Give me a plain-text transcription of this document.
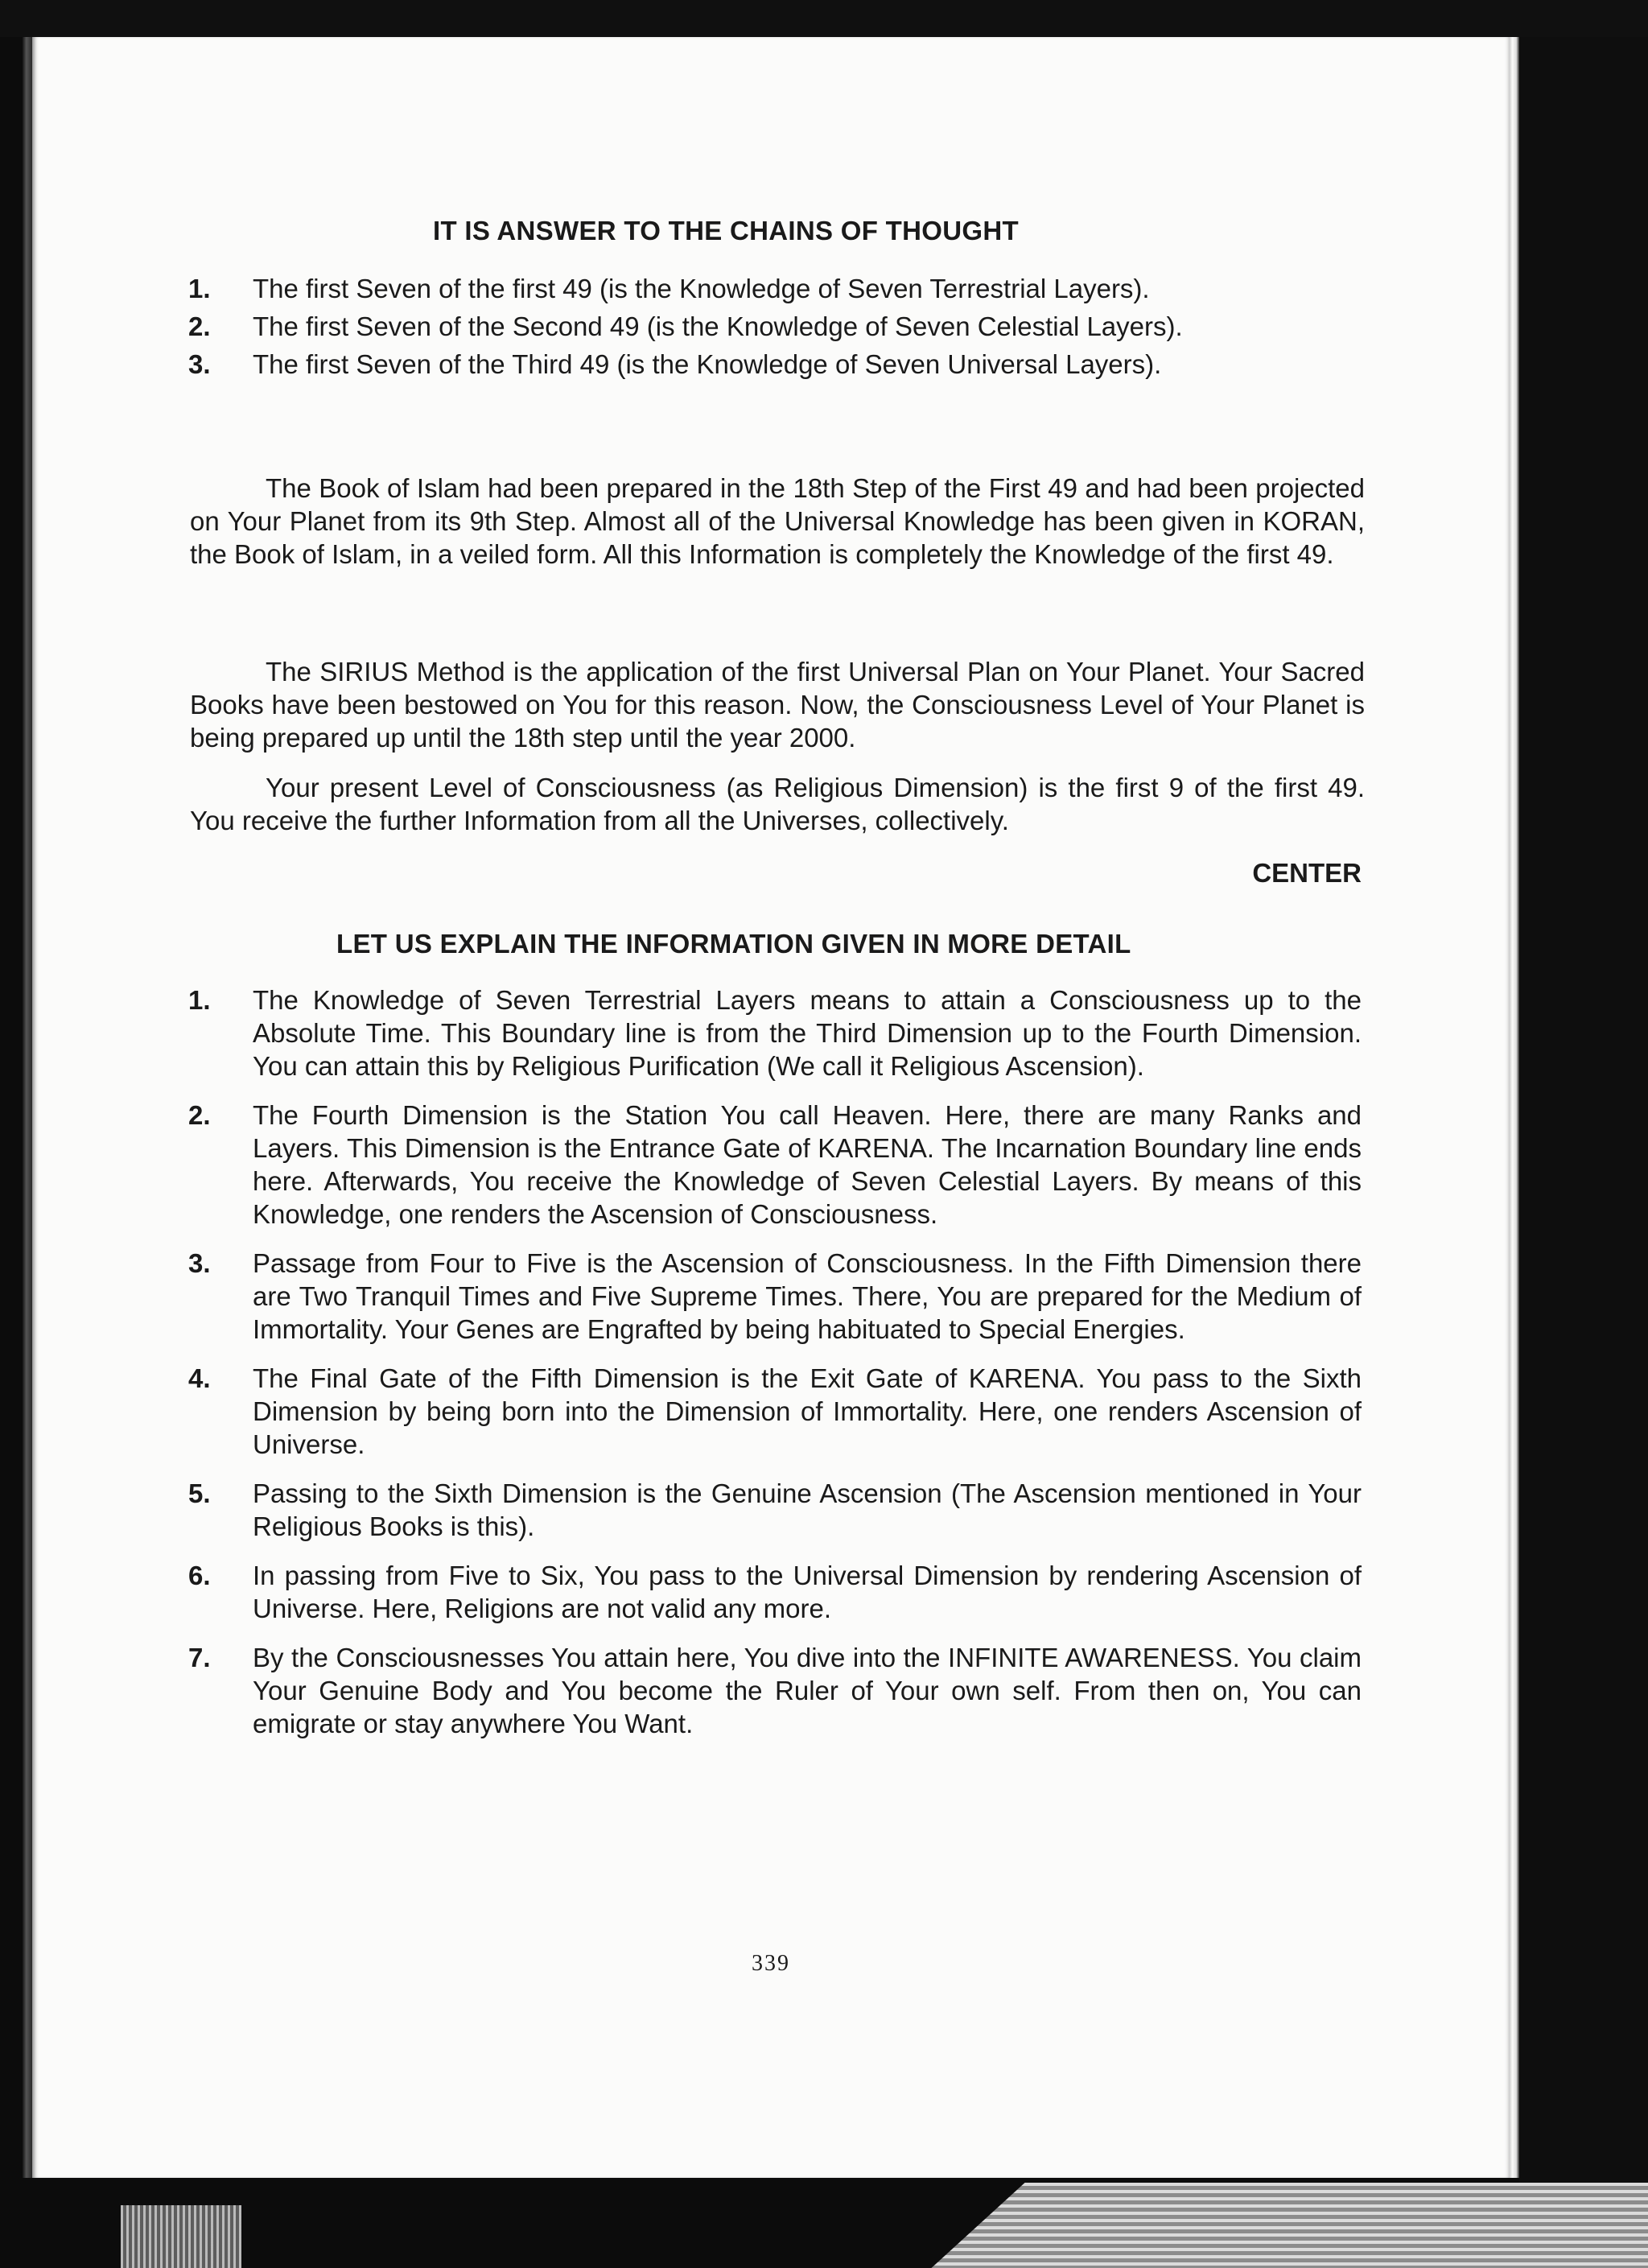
IT IS ANSWER TO THE CHAINS OF THOUGHT
1.	The first Seven of the first 49 (is the Knowledge of Seven Terrestrial Layers).
2.	The first Seven of the Second 49 (is the Knowledge of Seven Celestial Layers).
3.	The first Seven of the Third 49 (is the Knowledge of Seven Universal Layers).

The Book of Islam had been prepared in the 18th Step of the First 49 and had been projected on Your Planet from its 9th Step. Almost all of the Universal Knowledge has been given in KORAN, the Book of Islam, in a veiled form. All this Information is completely the Knowledge of the first 49.

The SIRIUS Method is the application of the first Universal Plan on Your Planet. Your Sacred Books have been bestowed on You for this reason. Now, the Consciousness Level of Your Planet is being prepared up until the 18th step until the year 2000.

Your present Level of Consciousness (as Religious Dimension) is the first 9 of the first 49. You receive the further Information from all the Universes, collectively.

CENTER
LET US EXPLAIN THE INFORMATION GIVEN IN MORE DETAIL
1.	The Knowledge of Seven Terrestrial Layers means to attain a Consciousness up to the Absolute Time. This Boundary line is from the Third Dimension up to the Fourth Dimension. You can attain this by Religious Purification (We call it Religious Ascension).
2.	The Fourth Dimension is the Station You call Heaven. Here, there are many Ranks and Layers. This Dimension is the Entrance Gate of KARENA. The Incarnation Boundary line ends here. Afterwards, You receive the Knowledge of Seven Celestial Layers. By means of this Knowledge, one renders the Ascension of Consciousness.
3.	Passage from Four to Five is the Ascension of Consciousness. In the Fifth Dimension there are Two Tranquil Times and Five Supreme Times. There, You are prepared for the Medium of Immortality. Your Genes are Engrafted by being habituated to Special Energies.
4.	The Final Gate of the Fifth Dimension is the Exit Gate of KARENA. You pass to the Sixth Dimension by being born into the Dimension of Immortality. Here, one renders Ascension of Universe.
5.	Passing to the Sixth Dimension is the Genuine Ascension (The Ascension mentioned in Your Religious Books is this).
6.	In passing from Five to Six, You pass to the Universal Dimension by rendering Ascension of Universe. Here, Religions are not valid any more.
7.	By the Consciousnesses You attain here, You dive into the INFINITE AWARENESS. You claim Your Genuine Body and You become the Ruler of Your own self. From then on, You can emigrate or stay anywhere You Want.
339
